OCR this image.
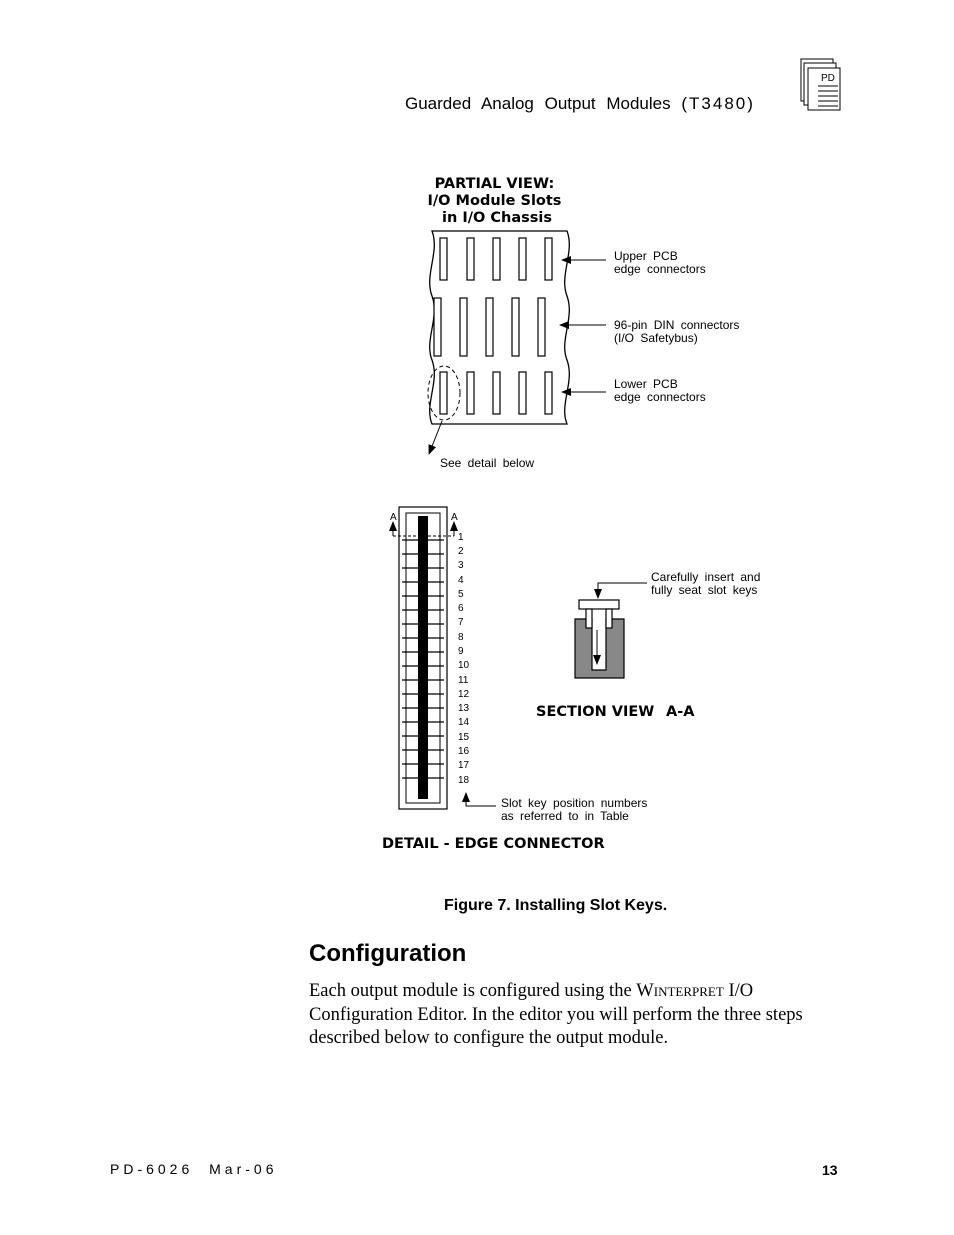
Guarded Analog Output Modules (T3480)
PD
PARTIAL VIEW: I/O Module Slots in I/O Chassis
See detail below
Upper PCB edge connectors
96-pin DIN connectors (I/O Safetybus)
Lower PCB edge connectors
A	A
1 2 3 4 5 6 7 8 9 10 11 12 13 14 15 16 17 18
Slot key position numbers as referred to in Table
DETAIL - EDGE CONNECTOR
Carefully insert and fully seat slot keys
SECTION VIEW A-A
Figure 7. Installing Slot Keys.
Configuration

Each output module is configured using the Winterpret I/O Configuration Editor. In the editor you will perform the three steps described below to configure the output module.

PD-6026 Mar-06	13
